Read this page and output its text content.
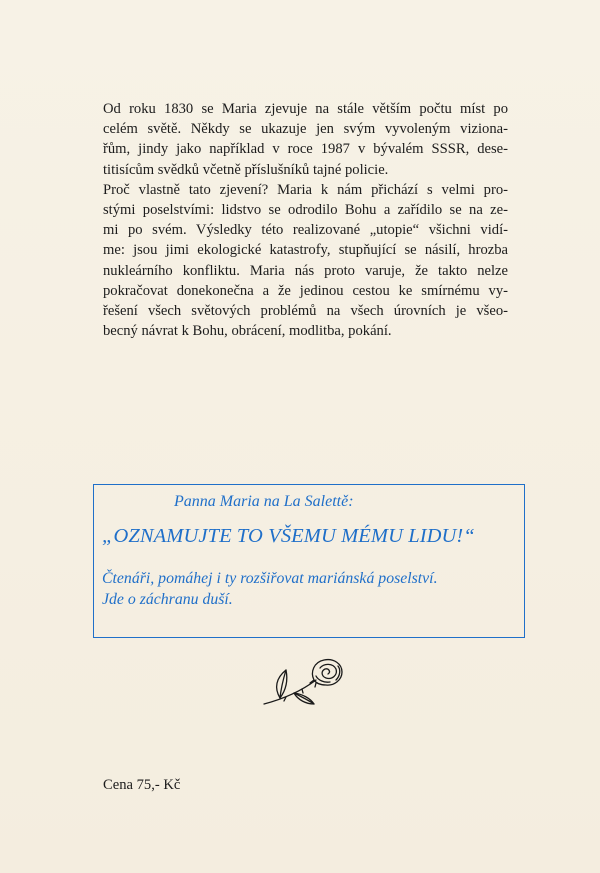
Od roku 1830 se Maria zjevuje na stále větším počtu míst po
celém světě. Někdy se ukazuje jen svým vyvoleným viziona-
řům, jindy jako například v roce 1987 v bývalém SSSR, dese-
titisícům svědků včetně příslušníků tajné policie.
Proč vlastně tato zjevení? Maria k nám přichází s velmi pro-
stými poselstvími: lidstvo se odrodilo Bohu a zařídilo se na ze-
mi po svém. Výsledky této realizované „utopie“ všichni vidí-
me: jsou jimi ekologické katastrofy, stupňující se násilí, hrozba
nukleárního konfliktu. Maria nás proto varuje, že takto nelze
pokračovat donekonečna a že jedinou cestou ke smírnému vy-
řešení všech světových problémů na všech úrovních je všeo-
becný návrat k Bohu, obrácení, modlitba, pokání.
Panna Maria na La Salettě:
„OZNAMUJTE TO VŠEMU MÉMU LIDU!“
Čtenáři, pomáhej i ty rozšiřovat mariánská poselství.
Jde o záchranu duší.
Cena 75,- Kč
